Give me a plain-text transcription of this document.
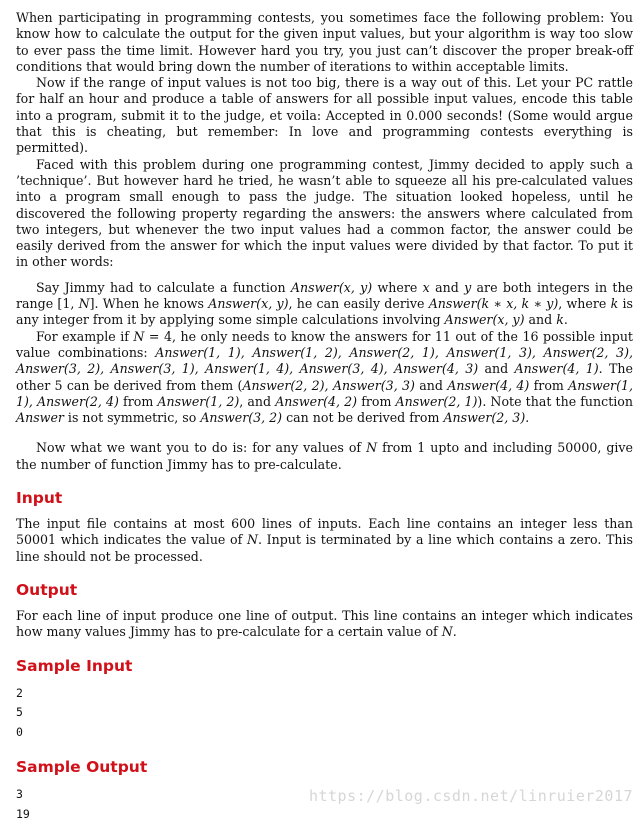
When participating in programming contests, you sometimes face the following problem: You know how to calculate the output for the given input values, but your algorithm is way too slow to ever pass the time limit. However hard you try, you just can’t discover the proper break-off conditions that would bring down the number of iterations to within acceptable limits.

Now if the range of input values is not too big, there is a way out of this. Let your PC rattle for half an hour and produce a table of answers for all possible input values, encode this table into a program, submit it to the judge, et voila: Accepted in 0.000 seconds! (Some would argue that this is cheating, but remember: In love and programming contests everything is permitted).

Faced with this problem during one programming contest, Jimmy decided to apply such a ’technique’. But however hard he tried, he wasn’t able to squeeze all his pre-calculated values into a program small enough to pass the judge. The situation looked hopeless, until he discovered the following property regarding the answers: the answers where calculated from two integers, but whenever the two input values had a common factor, the answer could be easily derived from the answer for which the input values were divided by that factor. To put it in other words:

Say Jimmy had to calculate a function Answer(x, y) where x and y are both integers in the range [1, N]. When he knows Answer(x, y), he can easily derive Answer(k ∗ x, k ∗ y), where k is any integer from it by applying some simple calculations involving Answer(x, y) and k.

For example if N = 4, he only needs to know the answers for 11 out of the 16 possible input value combinations: Answer(1, 1), Answer(1, 2), Answer(2, 1), Answer(1, 3), Answer(2, 3), Answer(3, 2), Answer(3, 1), Answer(1, 4), Answer(3, 4), Answer(4, 3) and Answer(4, 1). The other 5 can be derived from them (Answer(2, 2), Answer(3, 3) and Answer(4, 4) from Answer(1, 1), Answer(2, 4) from Answer(1, 2), and Answer(4, 2) from Answer(2, 1)). Note that the function Answer is not symmetric, so Answer(3, 2) can not be derived from Answer(2, 3).

Now what we want you to do is: for any values of N from 1 upto and including 50000, give the number of function Jimmy has to pre-calculate.

Input

The input file contains at most 600 lines of inputs. Each line contains an integer less than 50001 which indicates the value of N. Input is terminated by a line which contains a zero. This line should not be processed.

Output

For each line of input produce one line of output. This line contains an integer which indicates how many values Jimmy has to pre-calculate for a certain value of N.

Sample Input
2
5
0
Sample Output
3
19
https://blog.csdn.net/linruier2017
